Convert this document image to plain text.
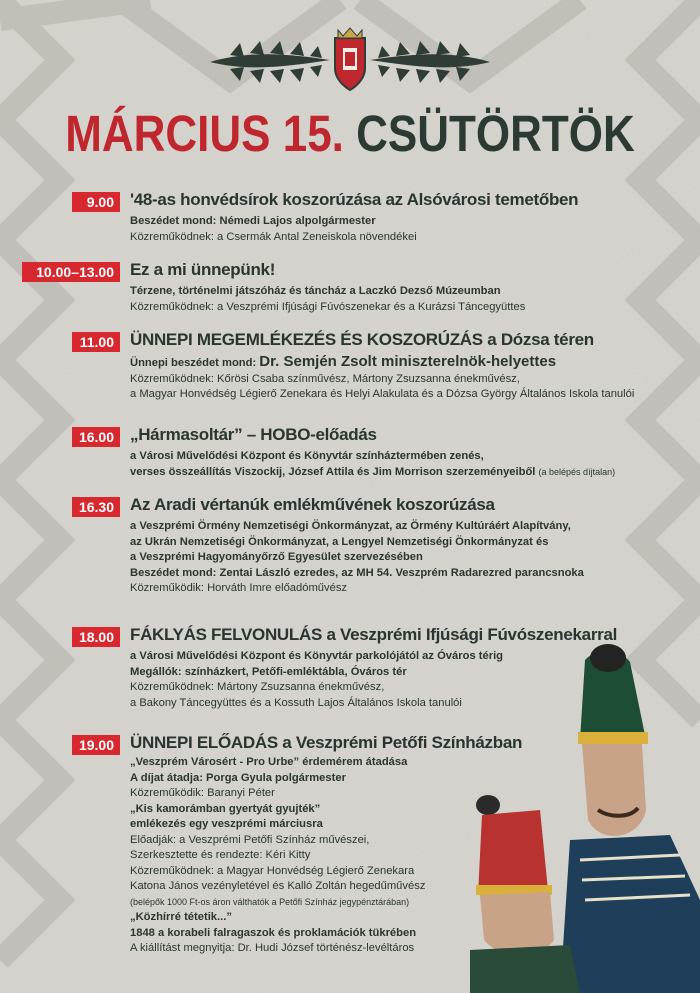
MÁRCIUS 15. CSÜTÖRTÖK
9.00 '48-as honvédsírok koszorúzása az Alsóvárosi temetőben
Beszédet mond: Némedi Lajos alpolgármester
Közreműködnek: a Csermák Antal Zeneiskola növendékei
10.00–13.00 Ez a mi ünnepünk!
Térzene, történelmi játszóház és táncház a Laczkó Dezső Múzeumban
Közreműködnek: a Veszprémi Ifjúsági Fúvószenekar és a Kurázsi Táncegyüttes
11.00 ÜNNEPI MEGEMLÉKEZÉS ÉS KOSZORÚZÁS a Dózsa téren
Ünnepi beszédet mond: Dr. Semjén Zsolt miniszterelnök-helyettes
Közreműködnek: Kőrösi Csaba színművész, Mártony Zsuzsanna énekművész,
a Magyar Honvédség Légierő Zenekara és Helyi Alakulata és a Dózsa György Általános Iskola tanulói
16.00 „Hármasoltár” – HOBO-előadás
a Városi Művelődési Központ és Könyvtár színháztermében zenés,
verses összeállítás Viszockij, József Attila és Jim Morrison szerzeményeiből (a belépés díjtalan)
16.30 Az Aradi vértanúk emlékművének koszorúzása
a Veszprémi Örmény Nemzetiségi Önkormányzat, az Örmény Kultúráért Alapítvány,
az Ukrán Nemzetiségi Önkormányzat, a Lengyel Nemzetiségi Önkormányzat és
a Veszprémi Hagyományőrző Egyesület szervezésében
Beszédet mond: Zentai László ezredes, az MH 54. Veszprém Radarezred parancsnoka
Közreműködik: Horváth Imre előadóművész
18.00 FÁKLYÁS FELVONULÁS a Veszprémi Ifjúsági Fúvószenekarral
a Városi Művelődési Központ és Könyvtár parkolójától az Óváros térig
Megállók: színházkert, Petőfi-emléktábla, Óváros tér
Közreműködnek: Mártony Zsuzsanna énekművész,
a Bakony Táncegyüttes és a Kossuth Lajos Általános Iskola tanulói
19.00 ÜNNEPI ELŐADÁS a Veszprémi Petőfi Színházban
„Veszprém Városért - Pro Urbe” érdemérem átadása
A díjat átadja: Porga Gyula polgármester
Közreműködik: Baranyi Péter
„Kis kamorámban gyertyát gyujték”
emlékezés egy veszprémi márciusra
Előadják: a Veszprémi Petőfi Színház művészei,
Szerkesztette és rendezte: Kéri Kitty
Közreműködnek: a Magyar Honvédség Légierő Zenekara
Katona János vezényletével és Kalló Zoltán hegedűművész
(belépők 1000 Ft-os áron válthatók a Petőfi Színház jegypénztárában)
„Közhírré tétetik...”
1848 a korabeli falragaszok és proklamációk tükrében
A kiállítást megnyitja: Dr. Hudi József történész-levéltáros
